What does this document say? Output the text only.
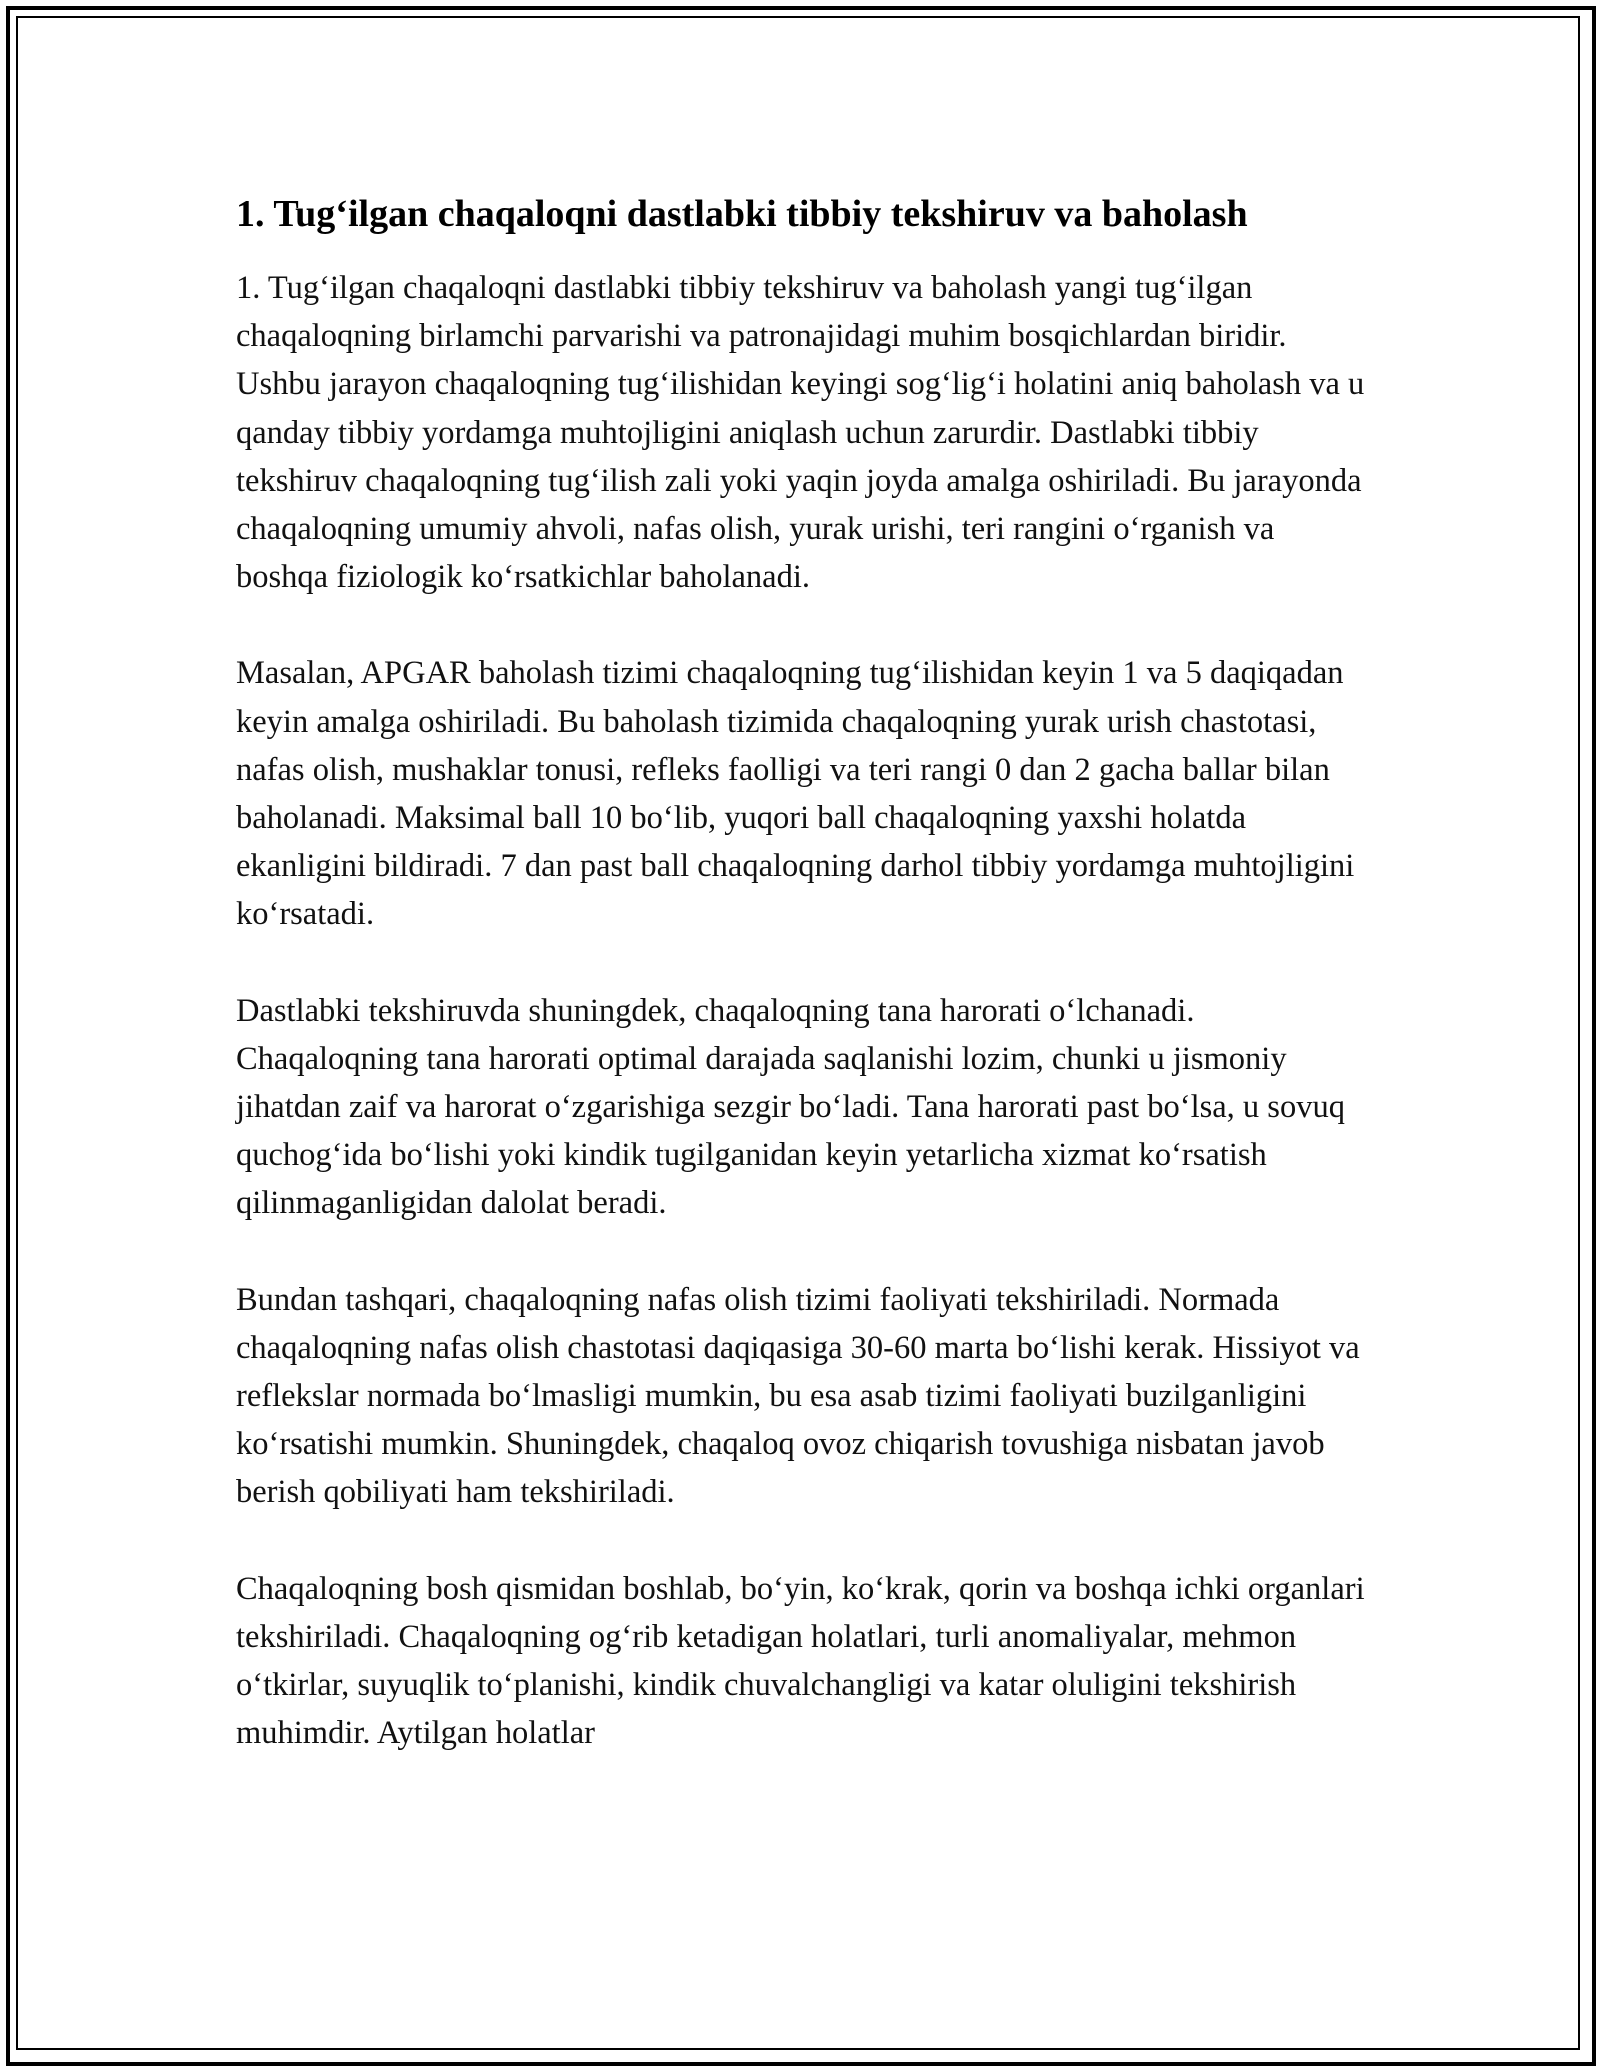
1. Tug‘ilgan chaqaloqni dastlabki tibbiy tekshiruv va baholash

1. Tug‘ilgan chaqaloqni dastlabki tibbiy tekshiruv va baholash yangi tug‘ilgan chaqaloqning birlamchi parvarishi va patronajidagi muhim bosqichlardan biridir. Ushbu jarayon chaqaloqning tug‘ilishidan keyingi sog‘lig‘i holatini aniq baholash va u qanday tibbiy yordamga muhtojligini aniqlash uchun zarurdir. Dastlabki tibbiy tekshiruv chaqaloqning tug‘ilish zali yoki yaqin joyda amalga oshiriladi. Bu jarayonda chaqaloqning umumiy ahvoli, nafas olish, yurak urishi, teri rangini o‘rganish va boshqa fiziologik ko‘rsatkichlar baholanadi.

Masalan, APGAR baholash tizimi chaqaloqning tug‘ilishidan keyin 1 va 5 daqiqadan keyin amalga oshiriladi. Bu baholash tizimida chaqaloqning yurak urish chastotasi, nafas olish, mushaklar tonusi, refleks faolligi va teri rangi 0 dan 2 gacha ballar bilan baholanadi. Maksimal ball 10 bo‘lib, yuqori ball chaqaloqning yaxshi holatda ekanligini bildiradi. 7 dan past ball chaqaloqning darhol tibbiy yordamga muhtojligini ko‘rsatadi.

Dastlabki tekshiruvda shuningdek, chaqaloqning tana harorati o‘lchanadi. Chaqaloqning tana harorati optimal darajada saqlanishi lozim, chunki u jismoniy jihatdan zaif va harorat o‘zgarishiga sezgir bo‘ladi. Tana harorati past bo‘lsa, u sovuq quchog‘ida bo‘lishi yoki kindik tugilganidan keyin yetarlicha xizmat ko‘rsatish qilinmaganligidan dalolat beradi.

Bundan tashqari, chaqaloqning nafas olish tizimi faoliyati tekshiriladi. Normada chaqaloqning nafas olish chastotasi daqiqasiga 30-60 marta bo‘lishi kerak. Hissiyot va reflekslar normada bo‘lmasligi mumkin, bu esa asab tizimi faoliyati buzilganligini ko‘rsatishi mumkin. Shuningdek, chaqaloq ovoz chiqarish tovushiga nisbatan javob berish qobiliyati ham tekshiriladi.

Chaqaloqning bosh qismidan boshlab, bo‘yin, ko‘krak, qorin va boshqa ichki organlari tekshiriladi. Chaqaloqning og‘rib ketadigan holatlari, turli anomaliyalar, mehmon o‘tkirlar, suyuqlik to‘planishi, kindik chuvalchangligi va katar oluligini tekshirish muhimdir. Aytilgan holatlar
